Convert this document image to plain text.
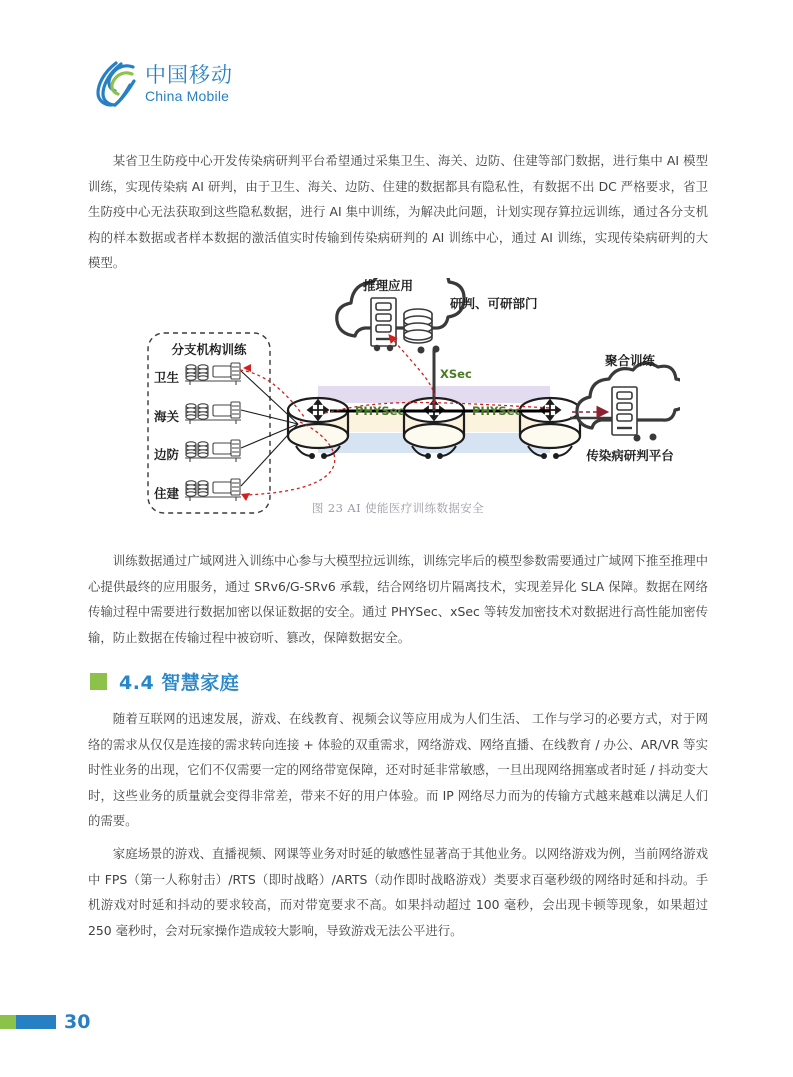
中国移动
China Mobile
某省卫生防疫中心开发传染病研判平台希望通过采集卫生、海关、边防、住建等部门数据，进行集中 AI 模型训练，实现传染病 AI 研判，由于卫生、海关、边防、住建的数据都具有隐私性，有数据不出 DC 严格要求，省卫生防疫中心无法获取到这些隐私数据，进行 AI 集中训练，为解决此问题，计划实现存算拉远训练，通过各分支机构的样本数据或者样本数据的激活值实时传输到传染病研判的 AI 训练中心，通过 AI 训练，实现传染病研判的大模型。
分支机构训练
卫生
海关
边防
住建
推理应用
研判、可研部门
聚合训练
传染病研判平台
XSec
PHYSec	PHYSec
图 23 AI 使能医疗训练数据安全
训练数据通过广域网进入训练中心参与大模型拉远训练，训练完毕后的模型参数需要通过广域网下推至推理中心提供最终的应用服务，通过 SRv6/G-SRv6 承载，结合网络切片隔离技术，实现差异化 SLA 保障。数据在网络传输过程中需要进行数据加密以保证数据的安全。通过 PHYSec、xSec 等转发加密技术对数据进行高性能加密传输，防止数据在传输过程中被窃听、篡改，保障数据安全。
4.4 智慧家庭
随着互联网的迅速发展，游戏、在线教育、视频会议等应用成为人们生活、 工作与学习的必要方式，对于网络的需求从仅仅是连接的需求转向连接 + 体验的双重需求，网络游戏、网络直播、在线教育 / 办公、AR/VR 等实时性业务的出现，它们不仅需要一定的网络带宽保障，还对时延非常敏感，一旦出现网络拥塞或者时延 / 抖动变大时，这些业务的质量就会变得非常差，带来不好的用户体验。而 IP 网络尽力而为的传输方式越来越难以满足人们的需要。
家庭场景的游戏、直播视频、网课等业务对时延的敏感性显著高于其他业务。以网络游戏为例，当前网络游戏中 FPS（第一人称射击）/RTS（即时战略）/ARTS（动作即时战略游戏）类要求百毫秒级的网络时延和抖动。手机游戏对时延和抖动的要求较高，而对带宽要求不高。如果抖动超过 100 毫秒，会出现卡顿等现象，如果超过 250 毫秒时，会对玩家操作造成较大影响，导致游戏无法公平进行。
30
